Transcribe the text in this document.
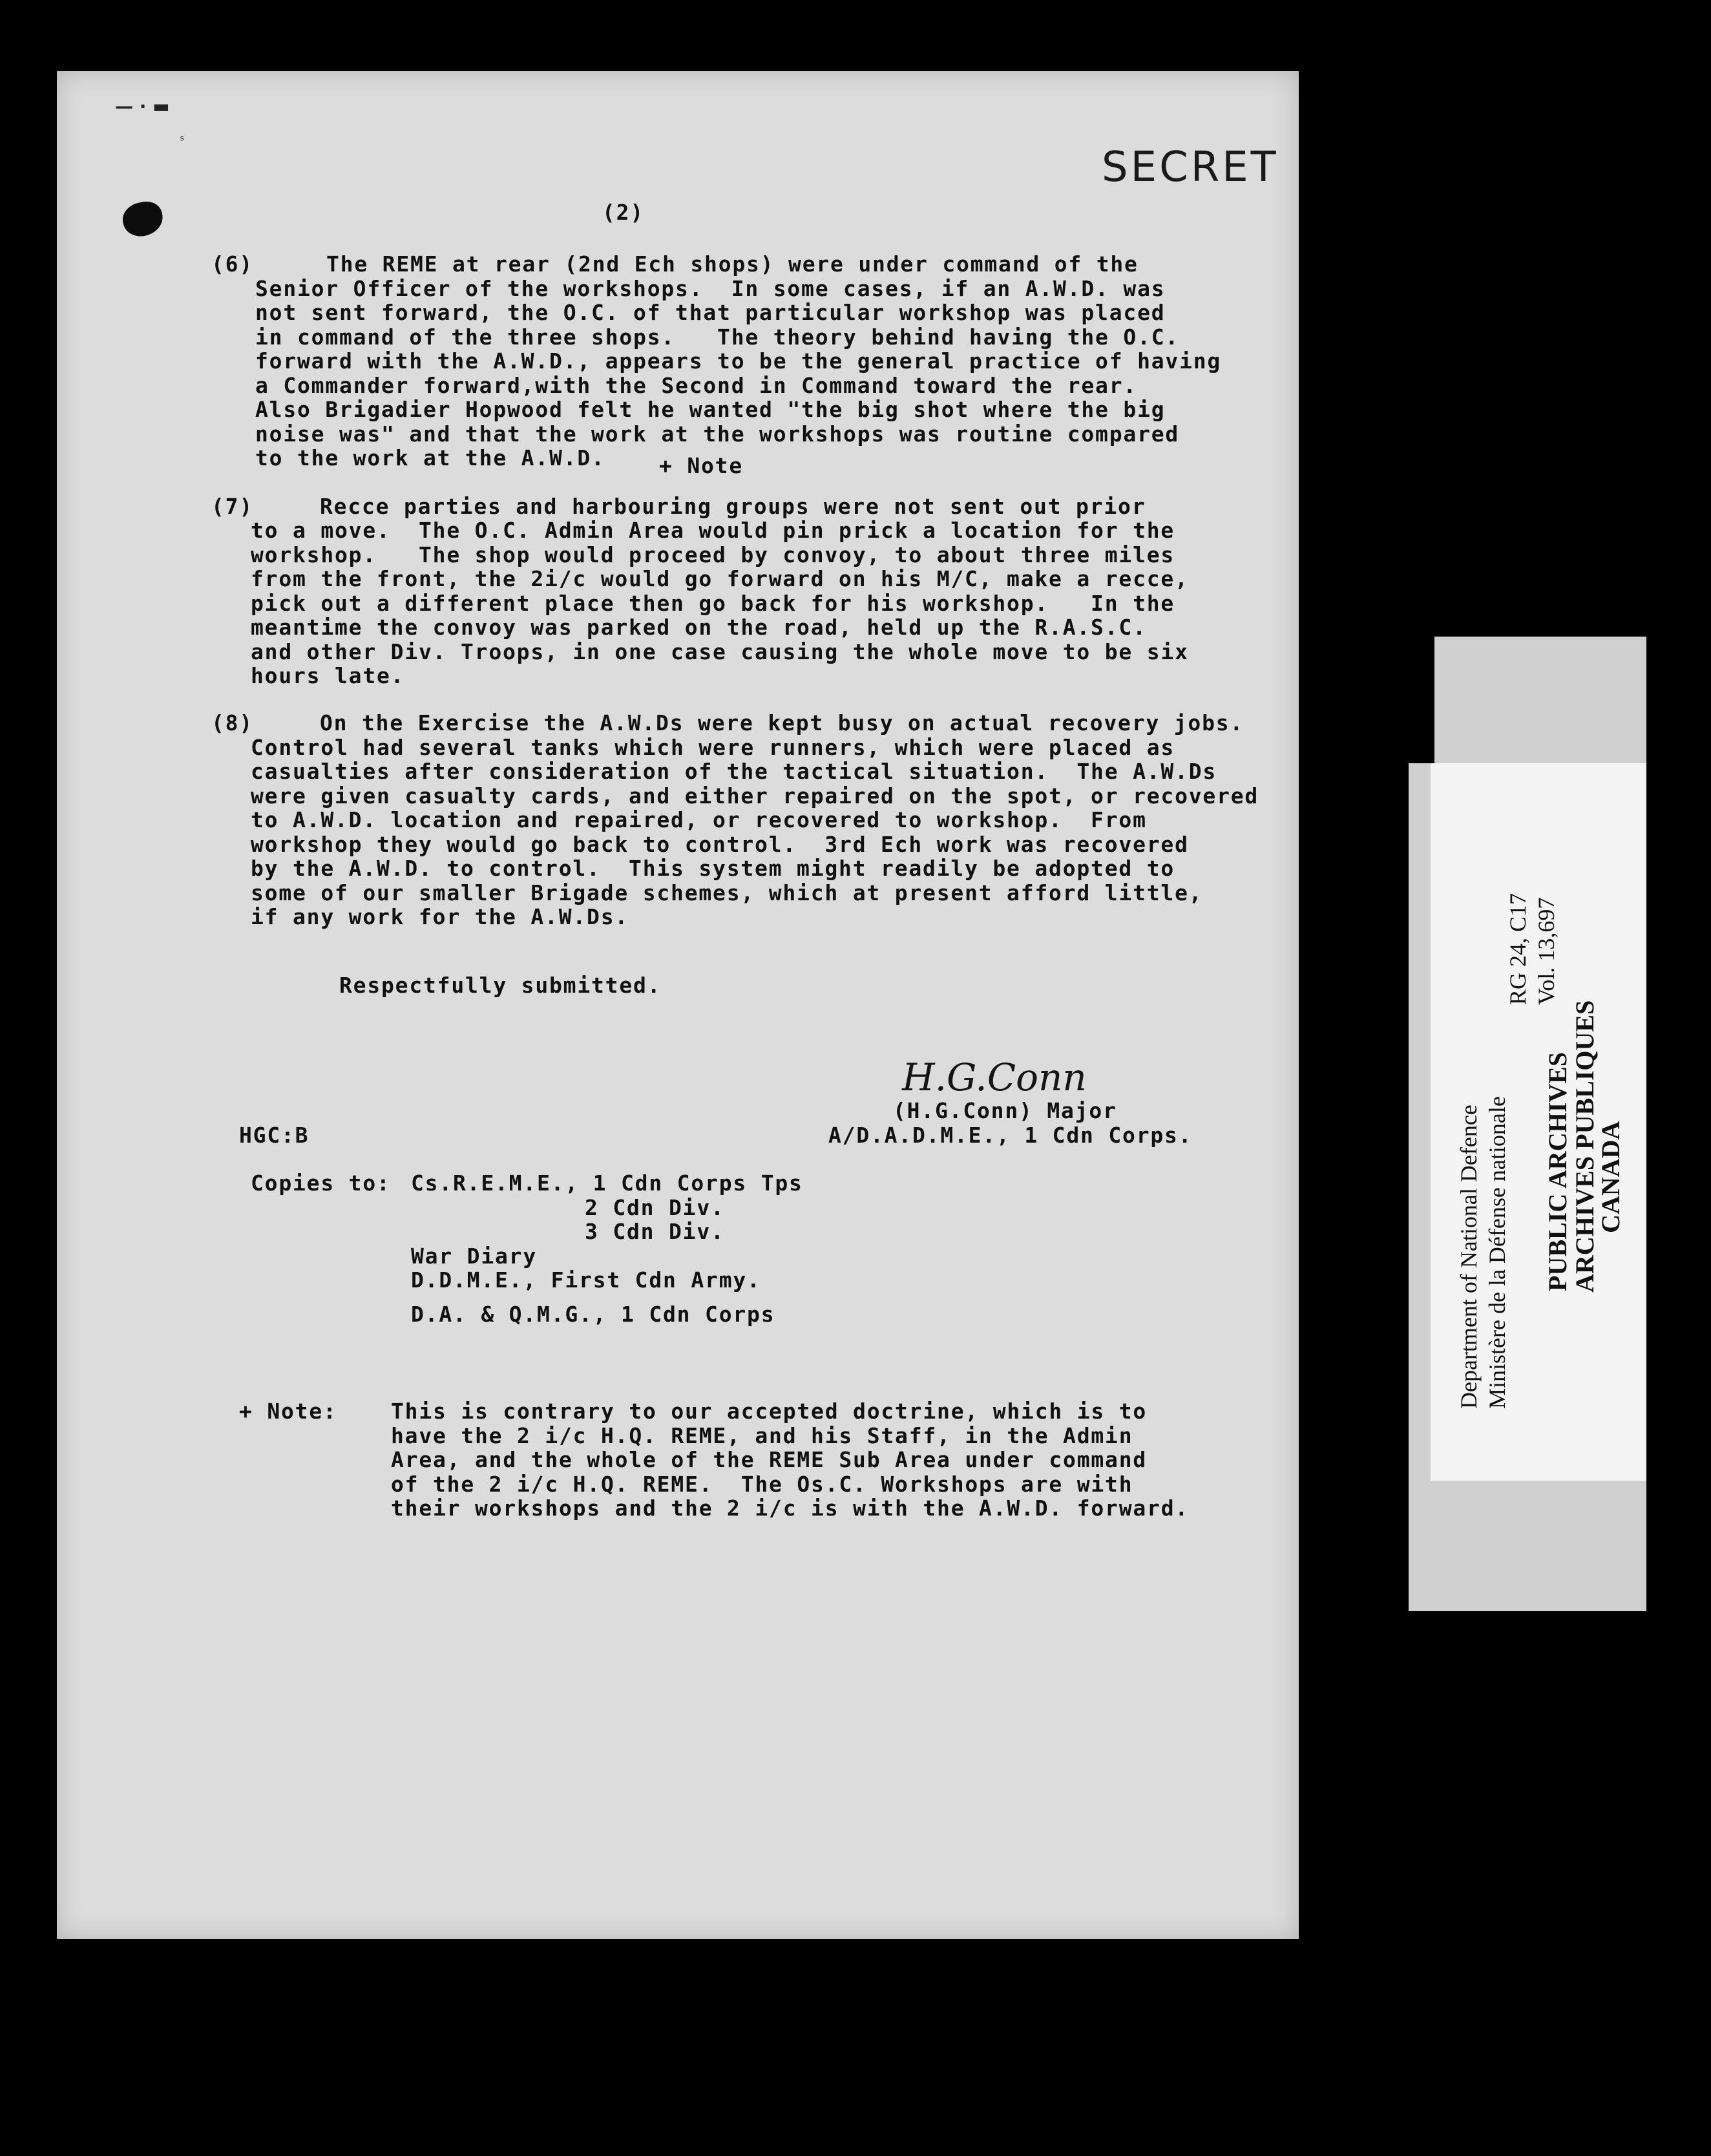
— · ▬
ˢ
SECRET
(2)
(6)	The REME at rear (2nd Ech shops) were under command of the
Senior Officer of the workshops.  In some cases, if an A.W.D. was
not sent forward, the O.C. of that particular workshop was placed
in command of the three shops.   The theory behind having the O.C.
forward with the A.W.D., appears to be the general practice of having
a Commander forward,with the Second in Command toward the rear.
Also Brigadier Hopwood felt he wanted "the big shot where the big
noise was" and that the work at the workshops was routine compared
to the work at the A.W.D.	+ Note
(7)	Recce parties and harbouring groups were not sent out prior
to a move.  The O.C. Admin Area would pin prick a location for the
workshop.   The shop would proceed by convoy, to about three miles
from the front, the 2i/c would go forward on his M/C, make a recce,
pick out a different place then go back for his workshop.   In the
meantime the convoy was parked on the road, held up the R.A.S.C.
and other Div. Troops, in one case causing the whole move to be six
hours late.
(8)	On the Exercise the A.W.Ds were kept busy on actual recovery jobs.
Control had several tanks which were runners, which were placed as
casualties after consideration of the tactical situation.  The A.W.Ds
were given casualty cards, and either repaired on the spot, or recovered
to A.W.D. location and repaired, or recovered to workshop.  From
workshop they would go back to control.  3rd Ech work was recovered
by the A.W.D. to control.  This system might readily be adopted to
some of our smaller Brigade schemes, which at present afford little,
if any work for the A.W.Ds.
Respectfully submitted.
H.G.Conn
(H.G.Conn) Major
A/D.A.D.M.E., 1 Cdn Corps.
HGC:B
Copies to: Cs.R.E.M.E., 1 Cdn Corps Tps
2 Cdn Div.
3 Cdn Div.
War Diary
D.D.M.E., First Cdn Army.
D.A. & Q.M.G., 1 Cdn Corps
+ Note:	This is contrary to our accepted doctrine, which is to
have the 2 i/c H.Q. REME, and his Staff, in the Admin
Area, and the whole of the REME Sub Area under command
of the 2 i/c H.Q. REME.  The Os.C. Workshops are with
their workshops and the 2 i/c is with the A.W.D. forward.
Department of National Defence Ministère de la Défense nationale
RG 24, C17 Vol. 13,697
PUBLIC ARCHIVES
ARCHIVES PUBLIQUES
CANADA
